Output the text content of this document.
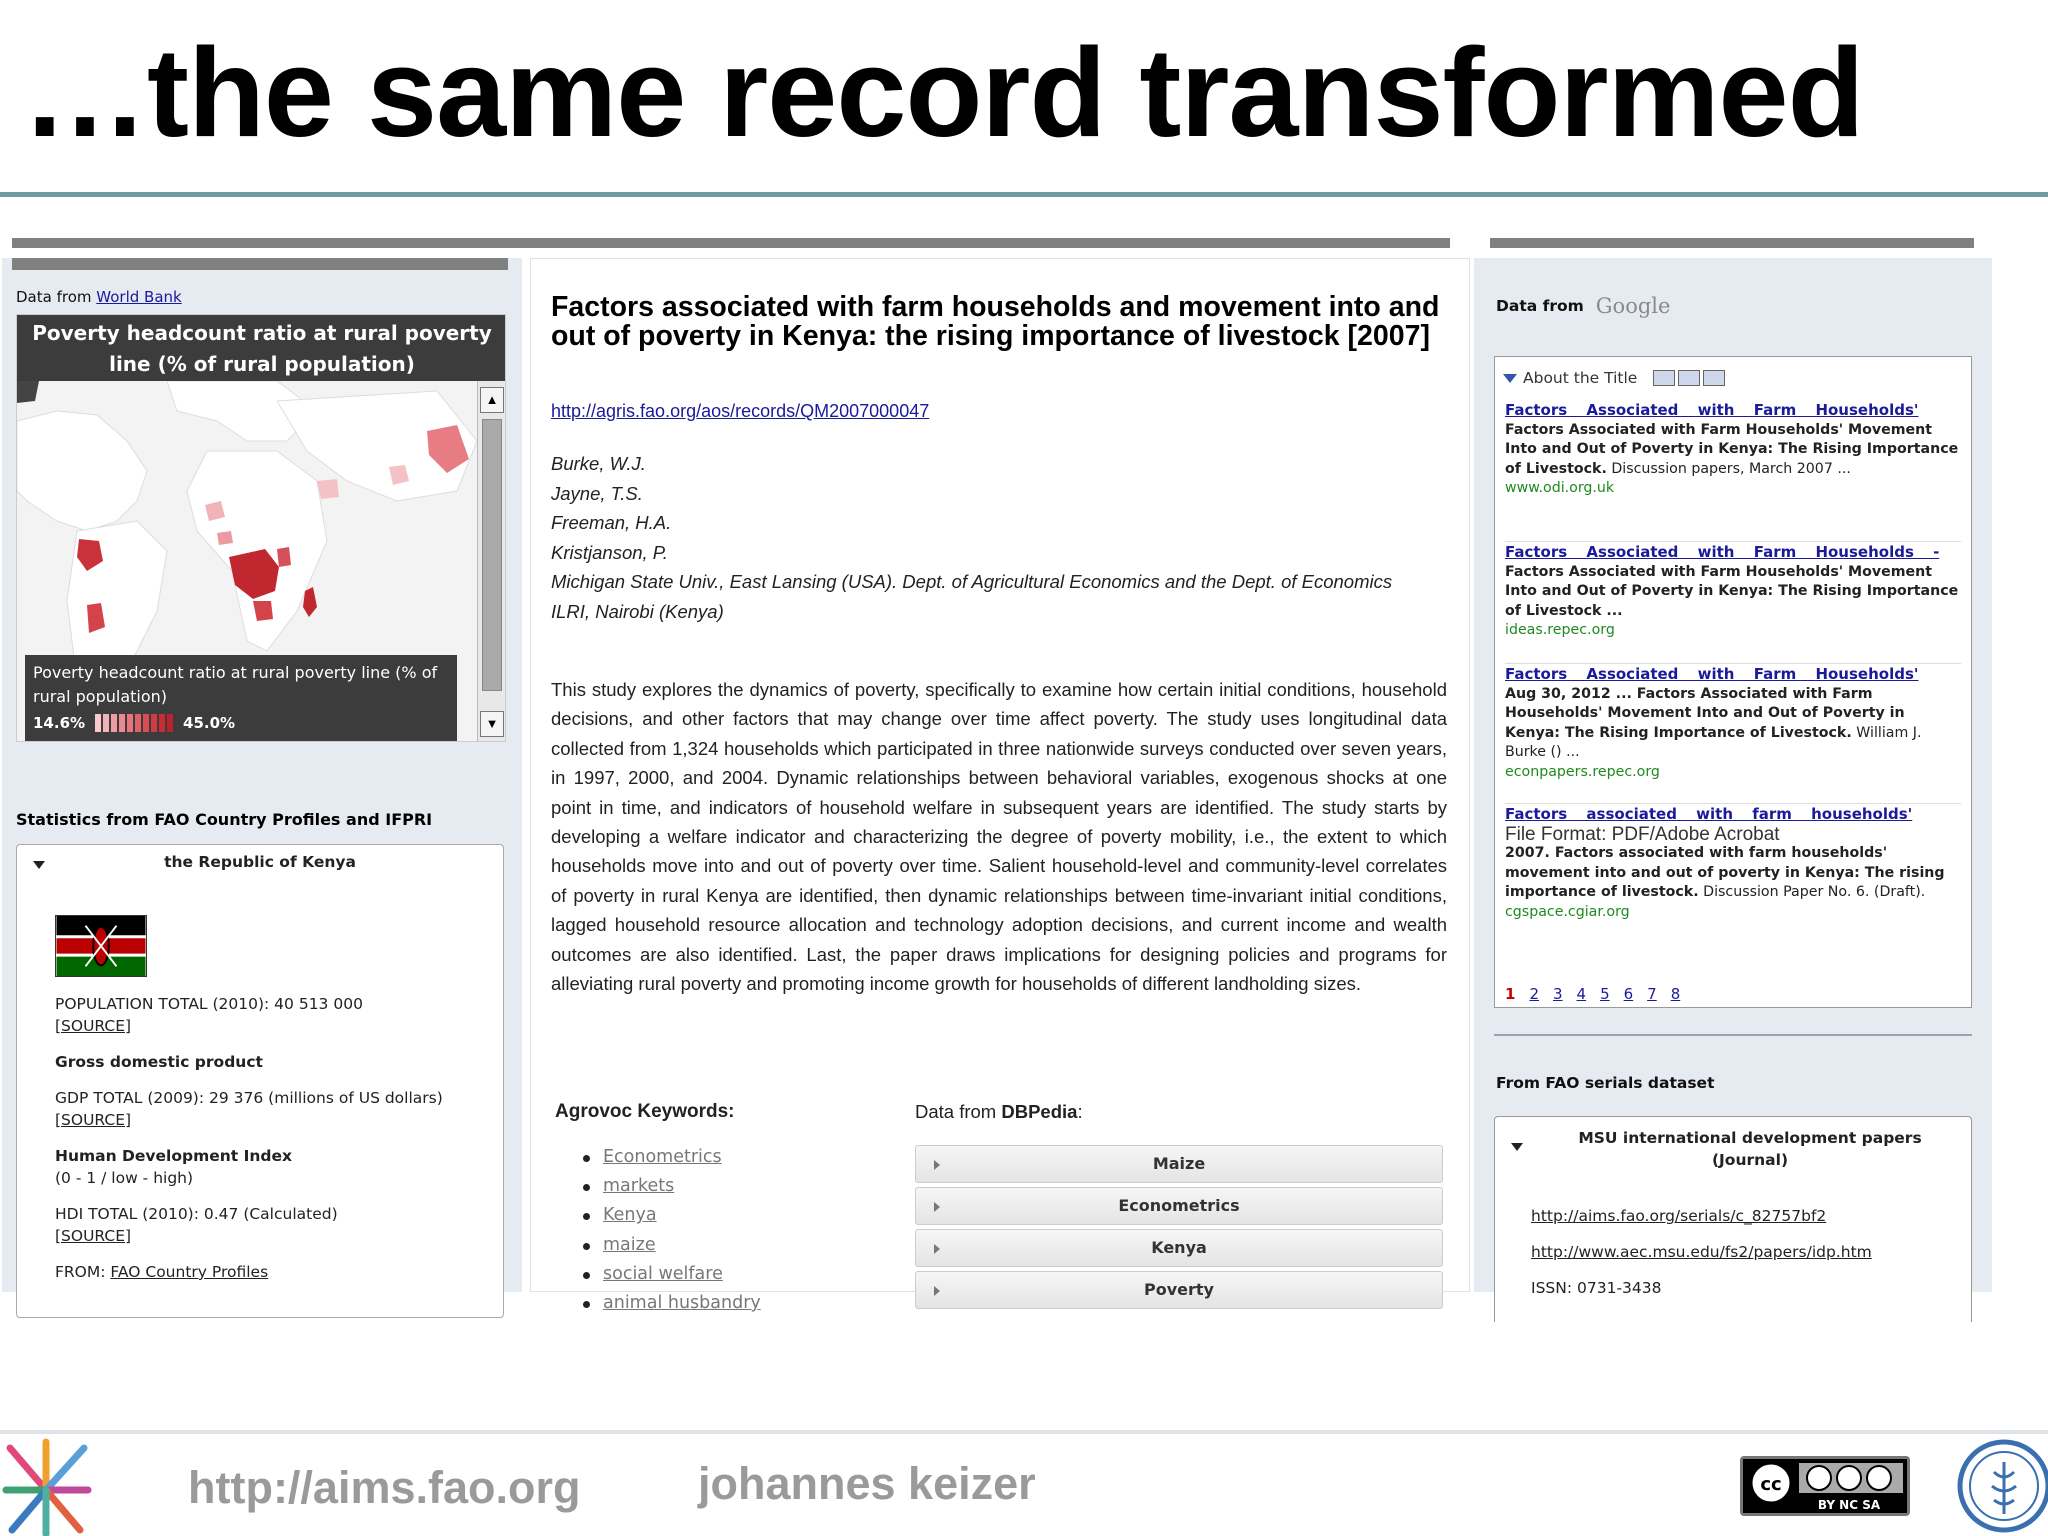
…the same record transformed
Data from World Bank
Poverty headcount ratio at rural poverty line (% of rural population)
▲
▼
Poverty headcount ratio at rural poverty line (% of rural population)
14.6%	45.0%
Statistics from FAO Country Profiles and IFPRI
the Republic of Kenya
POPULATION TOTAL (2010): 40 513 000
[SOURCE]
Gross domestic product
GDP TOTAL (2009): 29 376 (millions of US dollars) [SOURCE]
Human Development Index
(0 - 1 / low - high)
HDI TOTAL (2010): 0.47 (Calculated)
[SOURCE]
FROM: FAO Country Profiles
Factors associated with farm households and movement into and out of poverty in Kenya: the rising importance of livestock [2007]
http://agris.fao.org/aos/records/QM2007000047
Burke, W.J.
Jayne, T.S.
Freeman, H.A.
Kristjanson, P.
Michigan State Univ., East Lansing (USA). Dept. of Agricultural Economics and the Dept. of Economics
ILRI, Nairobi (Kenya)
This study explores the dynamics of poverty, specifically to examine how certain initial conditions, household decisions, and other factors that may change over time affect poverty. The study uses longitudinal data collected from 1,324 households which participated in three nationwide surveys conducted over seven years, in 1997, 2000, and 2004. Dynamic relationships between behavioral variables, exogenous shocks at one point in time, and indicators of household welfare in subsequent years are identified. The study starts by developing a welfare indicator and characterizing the degree of poverty mobility, i.e., the extent to which households move into and out of poverty over time. Salient household-level and community-level correlates of poverty in rural Kenya are identified, then dynamic relationships between time-invariant initial conditions, lagged household resource allocation and technology adoption decisions, and current income and wealth outcomes are also identified. Last, the paper draws implications for designing policies and programs for alleviating rural poverty and promoting income growth for households of different landholding sizes.
Agrovoc Keywords:
Econometrics
markets
Kenya
maize
social welfare
animal husbandry
Data from DBPedia:
Maize
Econometrics
Kenya
Poverty
Data from Google
About the Title
Factors Associated with Farm Households'
Factors Associated with Farm Households' Movement Into and Out of Poverty in Kenya: The Rising Importance of Livestock. Discussion papers, March 2007 ...
www.odi.org.uk
Factors Associated with Farm Households -
Factors Associated with Farm Households' Movement Into and Out of Poverty in Kenya: The Rising Importance of Livestock ...
ideas.repec.org
Factors Associated with Farm Households'
Aug 30, 2012 ... Factors Associated with Farm Households' Movement Into and Out of Poverty in Kenya: The Rising Importance of Livestock. William J. Burke () ...
econpapers.repec.org
Factors associated with farm households'
File Format: PDF/Adobe Acrobat
2007. Factors associated with farm households' movement into and out of poverty in Kenya: The rising importance of livestock. Discussion Paper No. 6. (Draft).
cgspace.cgiar.org
1 2 3 4 5 6 7 8
From FAO serials dataset
MSU international development papers (Journal)
http://aims.fao.org/serials/c_82757bf2
http://www.aec.msu.edu/fs2/papers/idp.htm
ISSN: 0731-3438
http://aims.fao.org	johannes keizer	cc
BY NC SA
